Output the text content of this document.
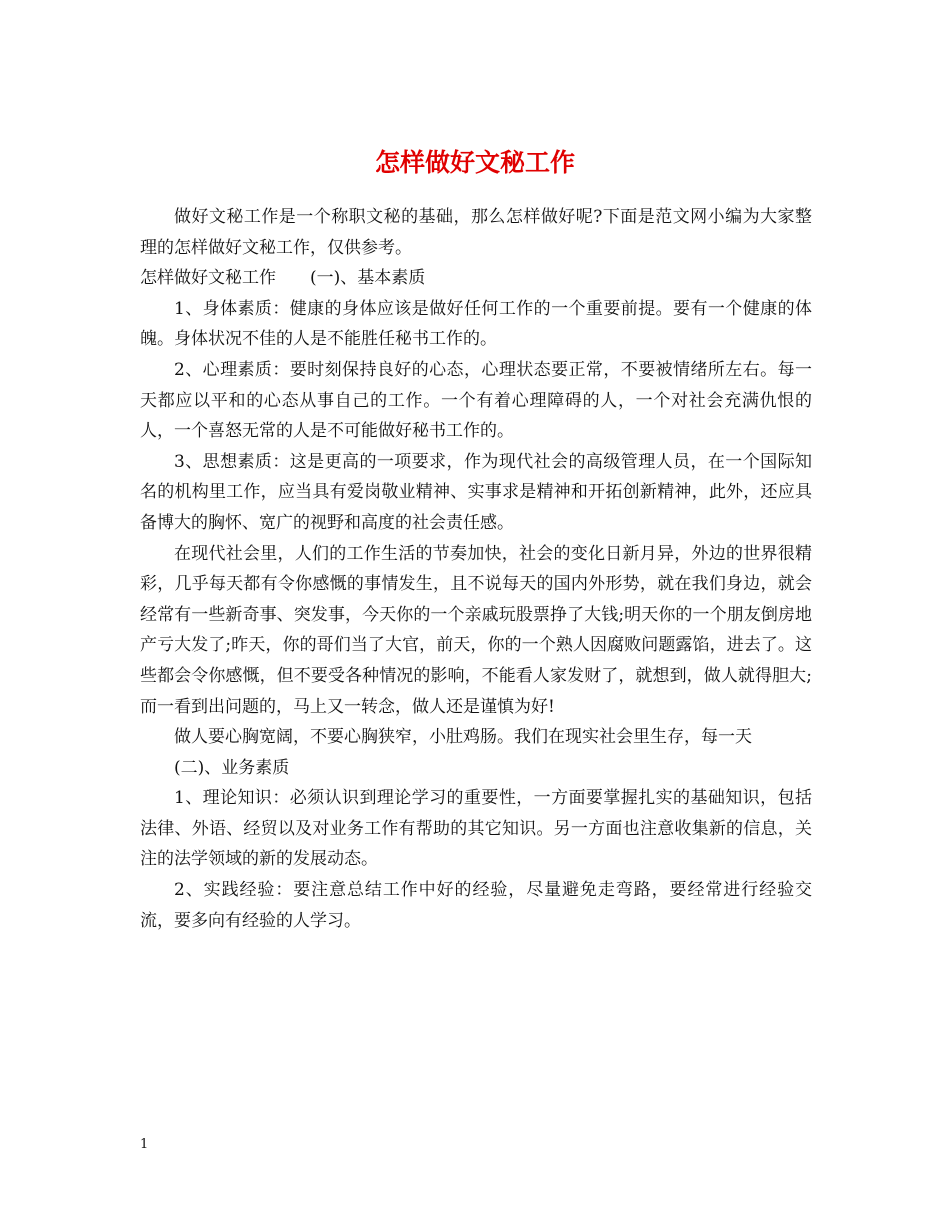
怎样做好文秘工作

做好文秘工作是一个称职文秘的基础，那么怎样做好呢?下面是范文网小编为大家整理的怎样做好文秘工作，仅供参考。

怎样做好文秘工作　　(一)、基本素质

1、身体素质：健康的身体应该是做好任何工作的一个重要前提。要有一个健康的体魄。身体状况不佳的人是不能胜任秘书工作的。

2、心理素质：要时刻保持良好的心态，心理状态要正常，不要被情绪所左右。每一天都应以平和的心态从事自己的工作。一个有着心理障碍的人，一个对社会充满仇恨的人，一个喜怒无常的人是不可能做好秘书工作的。

3、思想素质：这是更高的一项要求，作为现代社会的高级管理人员，在一个国际知名的机构里工作，应当具有爱岗敬业精神、实事求是精神和开拓创新精神，此外，还应具备博大的胸怀、宽广的视野和高度的社会责任感。

在现代社会里，人们的工作生活的节奏加快，社会的变化日新月异，外边的世界很精彩，几乎每天都有令你感慨的事情发生，且不说每天的国内外形势，就在我们身边，就会经常有一些新奇事、突发事，今天你的一个亲戚玩股票挣了大钱;明天你的一个朋友倒房地产亏大发了;昨天，你的哥们当了大官，前天，你的一个熟人因腐败问题露馅，进去了。这些都会令你感慨，但不要受各种情况的影响，不能看人家发财了，就想到，做人就得胆大;而一看到出问题的，马上又一转念，做人还是谨慎为好!

做人要心胸宽阔，不要心胸狭窄，小肚鸡肠。我们在现实社会里生存，每一天

(二)、业务素质

1、理论知识：必须认识到理论学习的重要性，一方面要掌握扎实的基础知识，包括法律、外语、经贸以及对业务工作有帮助的其它知识。另一方面也注意收集新的信息，关注的法学领域的新的发展动态。

2、实践经验：要注意总结工作中好的经验，尽量避免走弯路，要经常进行经验交流，要多向有经验的人学习。

1
